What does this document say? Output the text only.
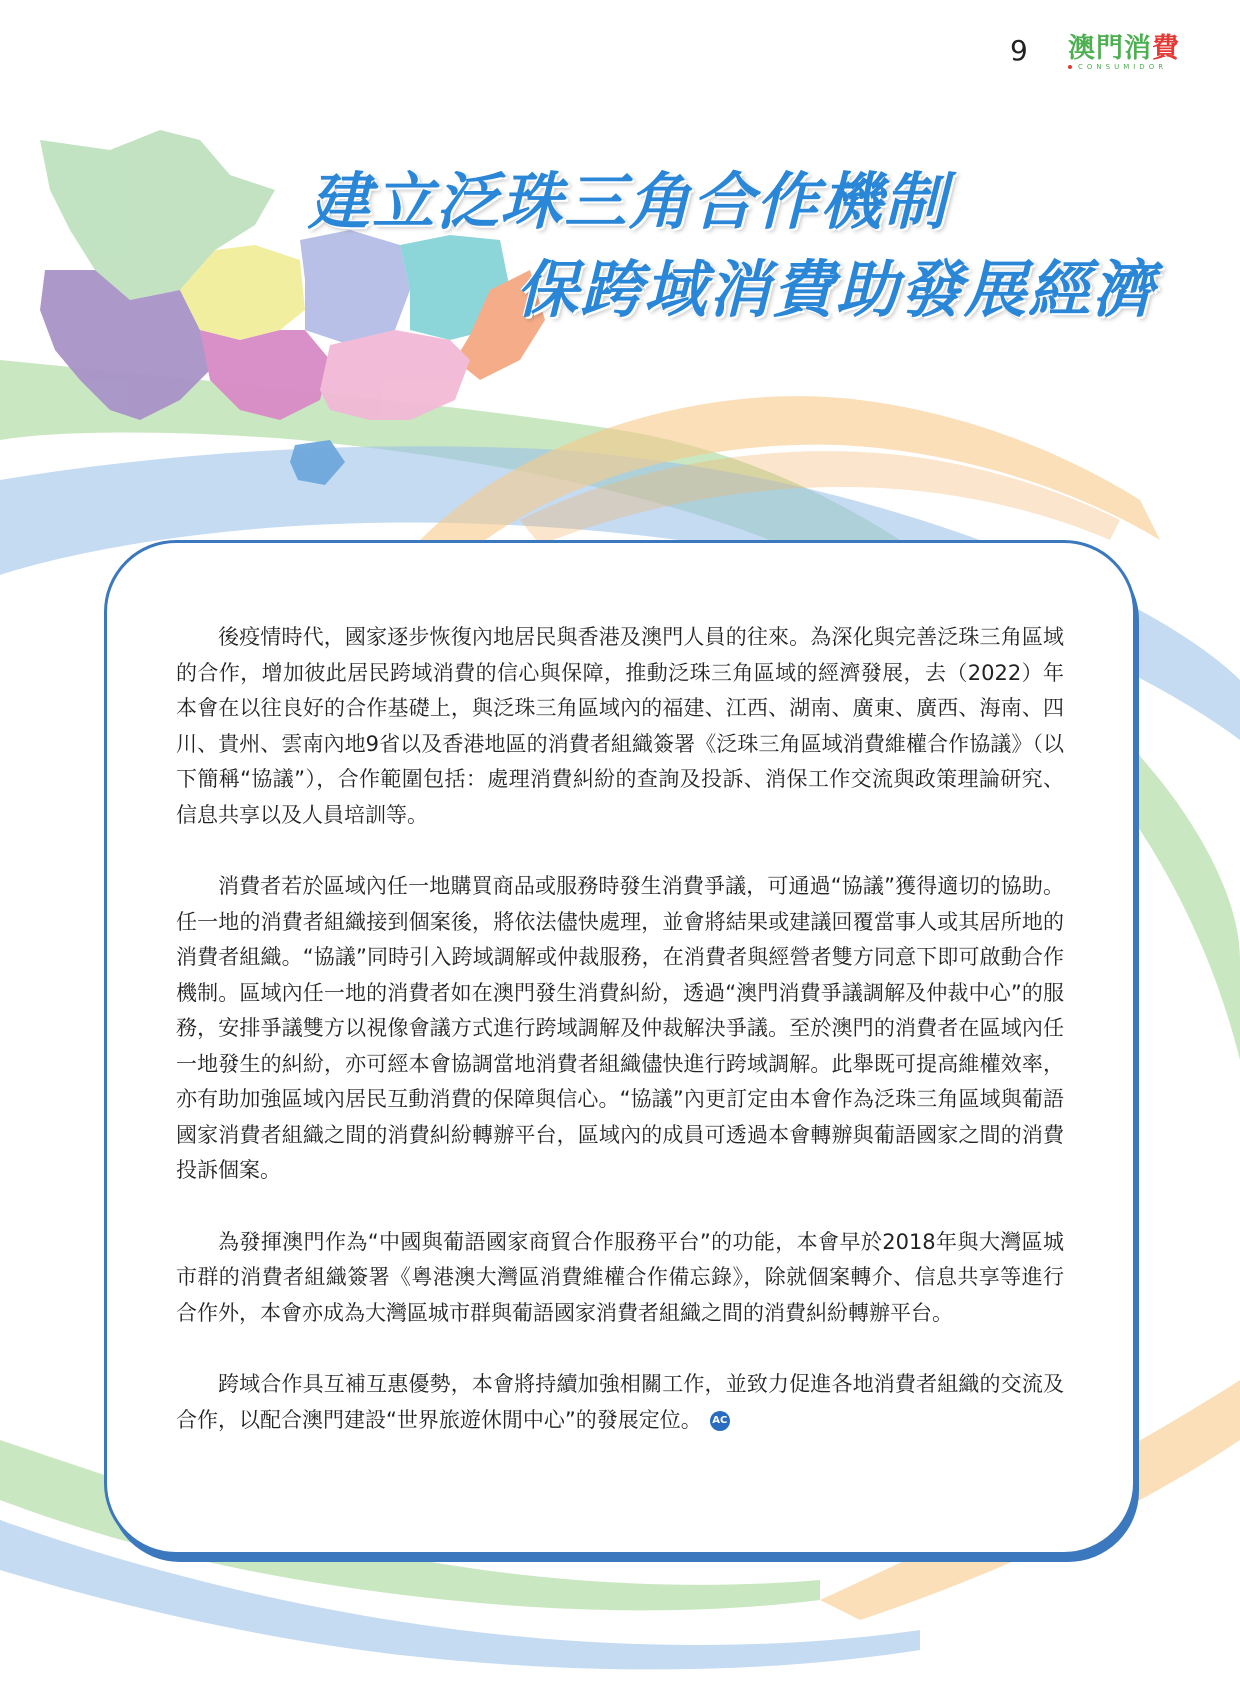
9 澳門消費
CONSUMIDOR
建立泛珠三角合作機制
保跨域消費助發展經濟

後疫情時代，國家逐步恢復內地居民與香港及澳門人員的往來。為深化與完善泛珠三角區域的合作，增加彼此居民跨域消費的信心與保障，推動泛珠三角區域的經濟發展，去（2022）年本會在以往良好的合作基礎上，與泛珠三角區域內的福建、江西、湖南、廣東、廣西、海南、四川、貴州、雲南內地9省以及香港地區的消費者組織簽署《泛珠三角區域消費維權合作協議》（以下簡稱“協議”），合作範圍包括：處理消費糾紛的查詢及投訴、消保工作交流與政策理論研究、信息共享以及人員培訓等。

消費者若於區域內任一地購買商品或服務時發生消費爭議，可通過“協議”獲得適切的協助。任一地的消費者組織接到個案後，將依法儘快處理，並會將結果或建議回覆當事人或其居所地的消費者組織。“協議”同時引入跨域調解或仲裁服務，在消費者與經營者雙方同意下即可啟動合作機制。區域內任一地的消費者如在澳門發生消費糾紛，透過“澳門消費爭議調解及仲裁中心”的服務，安排爭議雙方以視像會議方式進行跨域調解及仲裁解決爭議。至於澳門的消費者在區域內任一地發生的糾紛，亦可經本會協調當地消費者組織儘快進行跨域調解。此舉既可提高維權效率，亦有助加強區域內居民互動消費的保障與信心。“協議”內更訂定由本會作為泛珠三角區域與葡語國家消費者組織之間的消費糾紛轉辦平台，區域內的成員可透過本會轉辦與葡語國家之間的消費投訴個案。

為發揮澳門作為“中國與葡語國家商貿合作服務平台”的功能，本會早於2018年與大灣區城市群的消費者組織簽署《粵港澳大灣區消費維權合作備忘錄》，除就個案轉介、信息共享等進行合作外，本會亦成為大灣區城市群與葡語國家消費者組織之間的消費糾紛轉辦平台。

跨域合作具互補互惠優勢，本會將持續加強相關工作，並致力促進各地消費者組織的交流及合作，以配合澳門建設“世界旅遊休閒中心”的發展定位。 AC
